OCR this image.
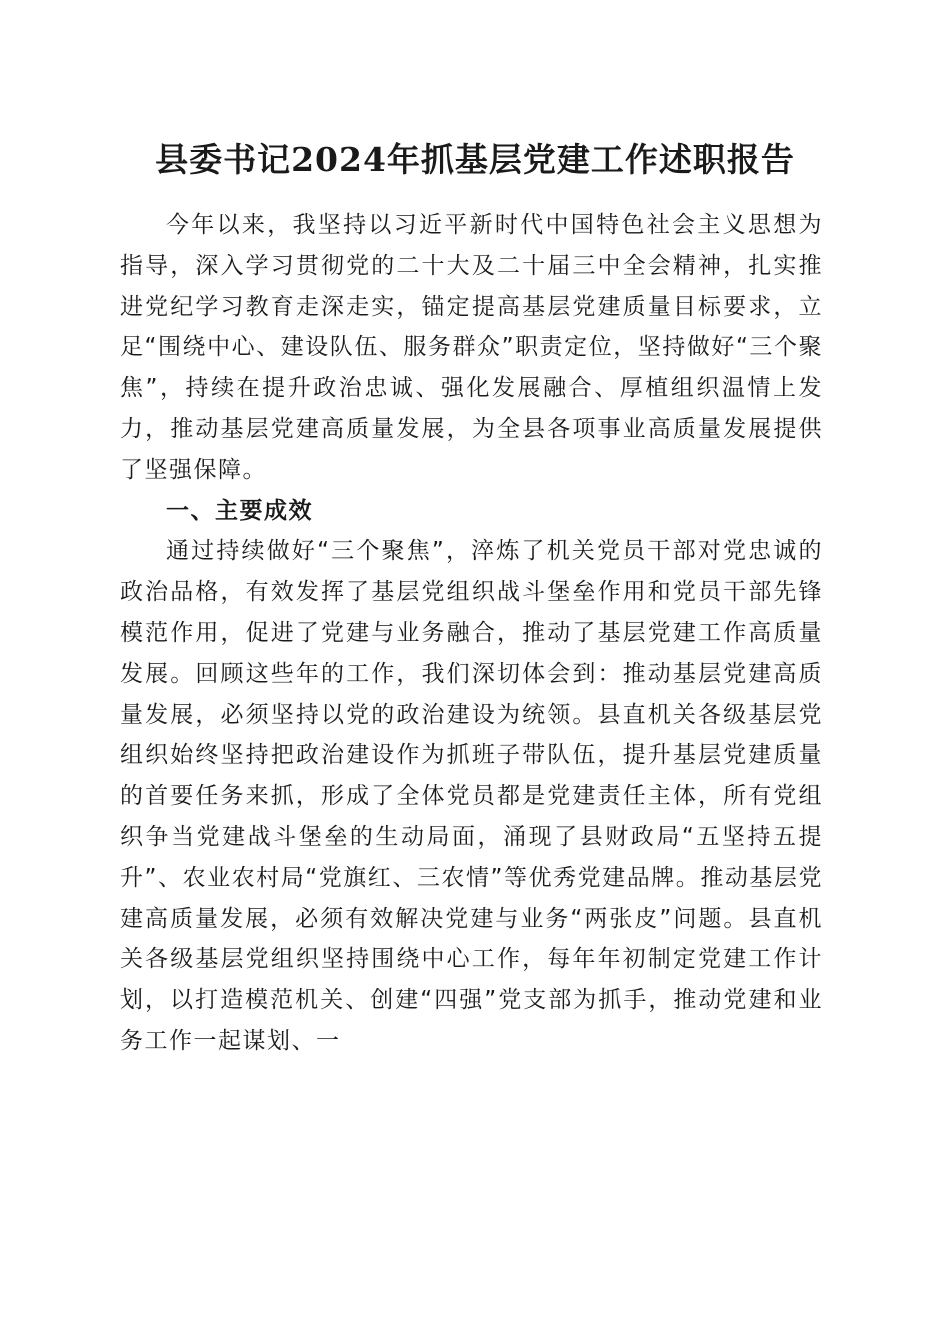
县委书记2024年抓基层党建工作述职报告

今年以来，我坚持以习近平新时代中国特色社会主义思想为指导，深入学习贯彻党的二十大及二十届三中全会精神，扎实推进党纪学习教育走深走实，锚定提高基层党建质量目标要求，立足“围绕中心、建设队伍、服务群众”职责定位，坚持做好“三个聚焦”，持续在提升政治忠诚、强化发展融合、厚植组织温情上发力，推动基层党建高质量发展，为全县各项事业高质量发展提供了坚强保障。

一、主要成效

通过持续做好“三个聚焦”，淬炼了机关党员干部对党忠诚的政治品格，有效发挥了基层党组织战斗堡垒作用和党员干部先锋模范作用，促进了党建与业务融合，推动了基层党建工作高质量发展。回顾这些年的工作，我们深切体会到：推动基层党建高质量发展，必须坚持以党的政治建设为统领。县直机关各级基层党组织始终坚持把政治建设作为抓班子带队伍，提升基层党建质量的首要任务来抓，形成了全体党员都是党建责任主体，所有党组织争当党建战斗堡垒的生动局面，涌现了县财政局“五坚持五提升”、农业农村局“党旗红、三农情”等优秀党建品牌。推动基层党建高质量发展，必须有效解决党建与业务“两张皮”问题。县直机关各级基层党组织坚持围绕中心工作，每年年初制定党建工作计划，以打造模范机关、创建“四强”党支部为抓手，推动党建和业务工作一起谋划、一
